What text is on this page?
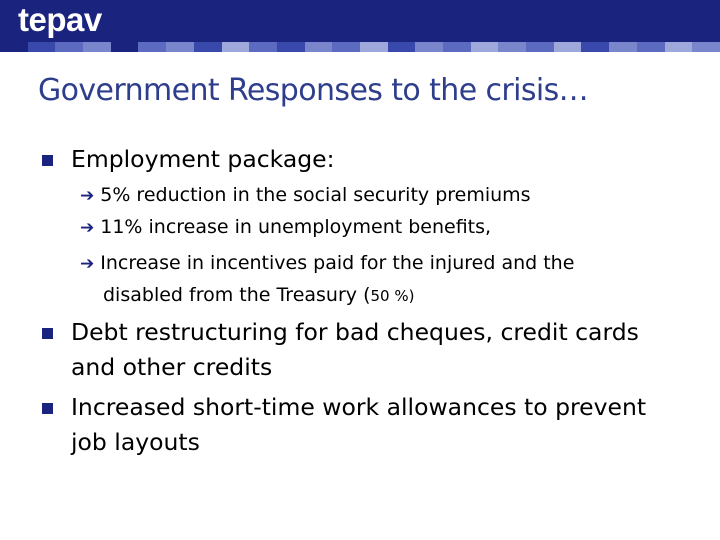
tepav
Government Responses to the crisis…
Employment package:
➔ 5% reduction in the social security premiums
➔ 11% increase in unemployment benefits,
➔ Increase in incentives paid for the injured and the
disabled from the Treasury (50 %)
Debt restructuring for bad cheques, credit cards
and other credits
Increased short-time work allowances to prevent
job layouts
